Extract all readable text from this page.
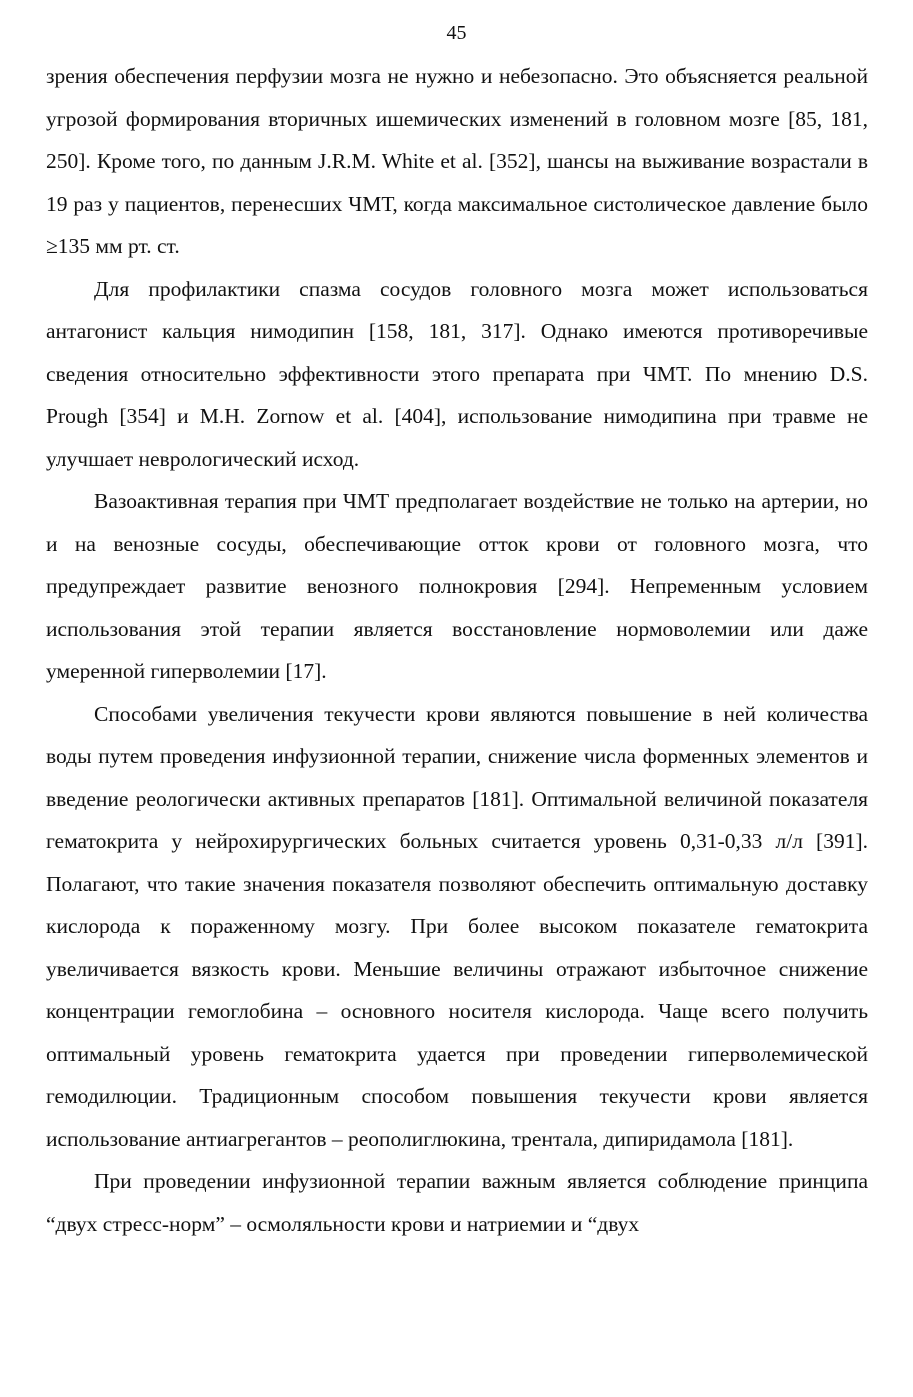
45

зрения обеспечения перфузии мозга не нужно и небезопасно. Это объясняется реальной угрозой формирования вторичных ишемических изменений в головном мозге [85, 181, 250]. Кроме того, по данным J.R.M. White et al. [352], шансы на выживание возрастали в 19 раз у пациентов, перенесших ЧМТ, когда максимальное систолическое давление было ≥135 мм рт. ст.

Для профилактики спазма сосудов головного мозга может использоваться антагонист кальция нимодипин [158, 181, 317]. Однако имеются противоречивые сведения относительно эффективности этого препарата при ЧМТ. По мнению D.S. Prough [354] и M.H. Zornow et al. [404], использование нимодипина при травме не улучшает неврологический исход.

Вазоактивная терапия при ЧМТ предполагает воздействие не только на артерии, но и на венозные сосуды, обеспечивающие отток крови от головного мозга, что предупреждает развитие венозного полнокровия [294]. Непременным условием использования этой терапии является восстановление нормоволемии или даже умеренной гиперволемии [17].

Способами увеличения текучести крови являются повышение в ней количества воды путем проведения инфузионной терапии, снижение числа форменных элементов и введение реологически активных препаратов [181]. Оптимальной величиной показателя гематокрита у нейрохирургических больных считается уровень 0,31-0,33 л/л [391]. Полагают, что такие значения показателя позволяют обеспечить оптимальную доставку кислорода к пораженному мозгу. При более высоком показателе гематокрита увеличивается вязкость крови. Меньшие величины отражают избыточное снижение концентрации гемоглобина – основного носителя кислорода. Чаще всего получить оптимальный уровень гематокрита удается при проведении гиперволемической гемодилюции. Традиционным способом повышения текучести крови является использование антиагрегантов – реополиглюкина, трентала, дипиридамола [181].

При проведении инфузионной терапии важным является соблюдение принципа “двух стресс-норм” – осмоляльности крови и натриемии и “двух
